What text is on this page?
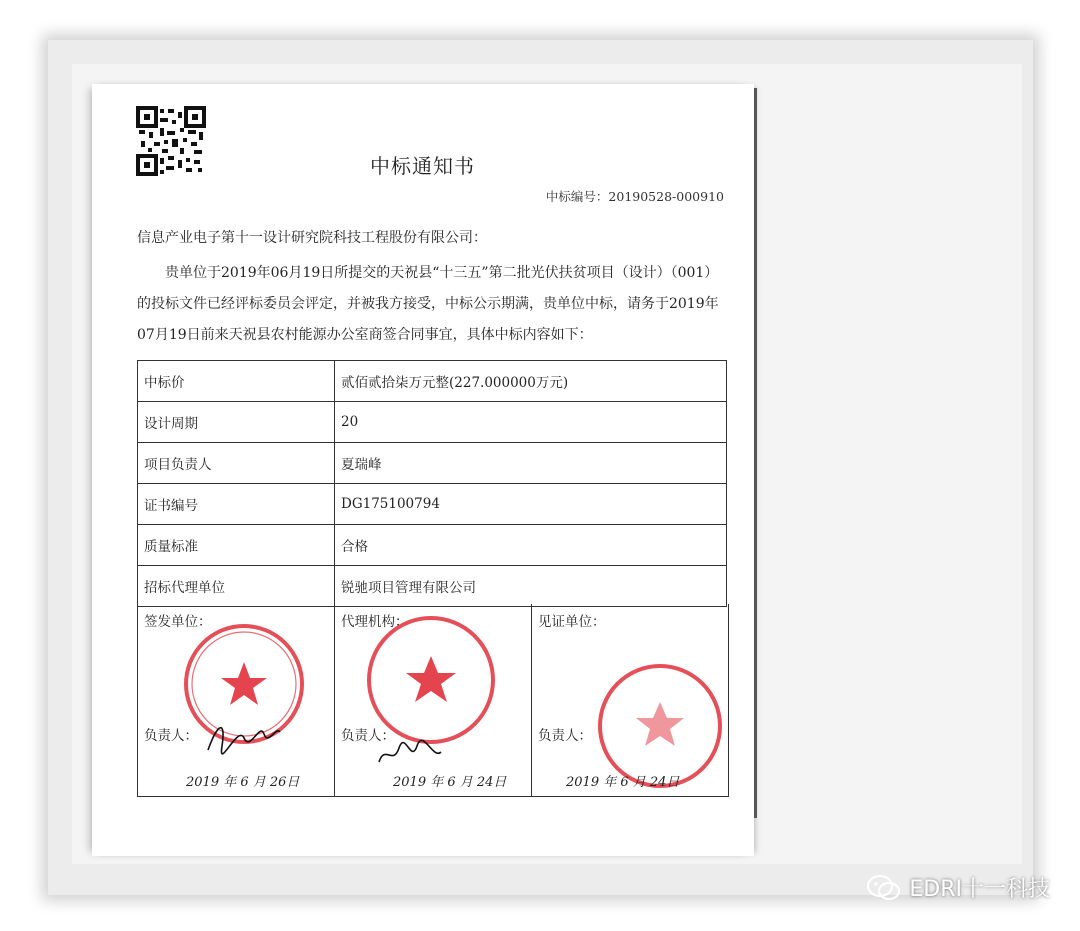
中标通知书
中标编号：20190528-000910
信息产业电子第十一设计研究院科技工程股份有限公司：

贵单位于2019年06月19日所提交的天祝县“十三五”第二批光伏扶贫项目（设计）（001）的投标文件已经评标委员会评定，并被我方接受，中标公示期满，贵单位中标，请务于2019年07月19日前来天祝县农村能源办公室商签合同事宜，具体中标内容如下：

中标价	贰佰贰拾柒万元整(227.000000万元)
设计周期	20
项目负责人	夏瑞峰
证书编号	DG175100794
质量标准	合格
招标代理单位	锐驰项目管理有限公司
签发单位：
负责人：
2019 年 6 月 26日
代理机构：
负责人：
2019 年 6 月 24日
见证单位：
负责人：
2019 年 6 月 24日
EDRI十一科技
